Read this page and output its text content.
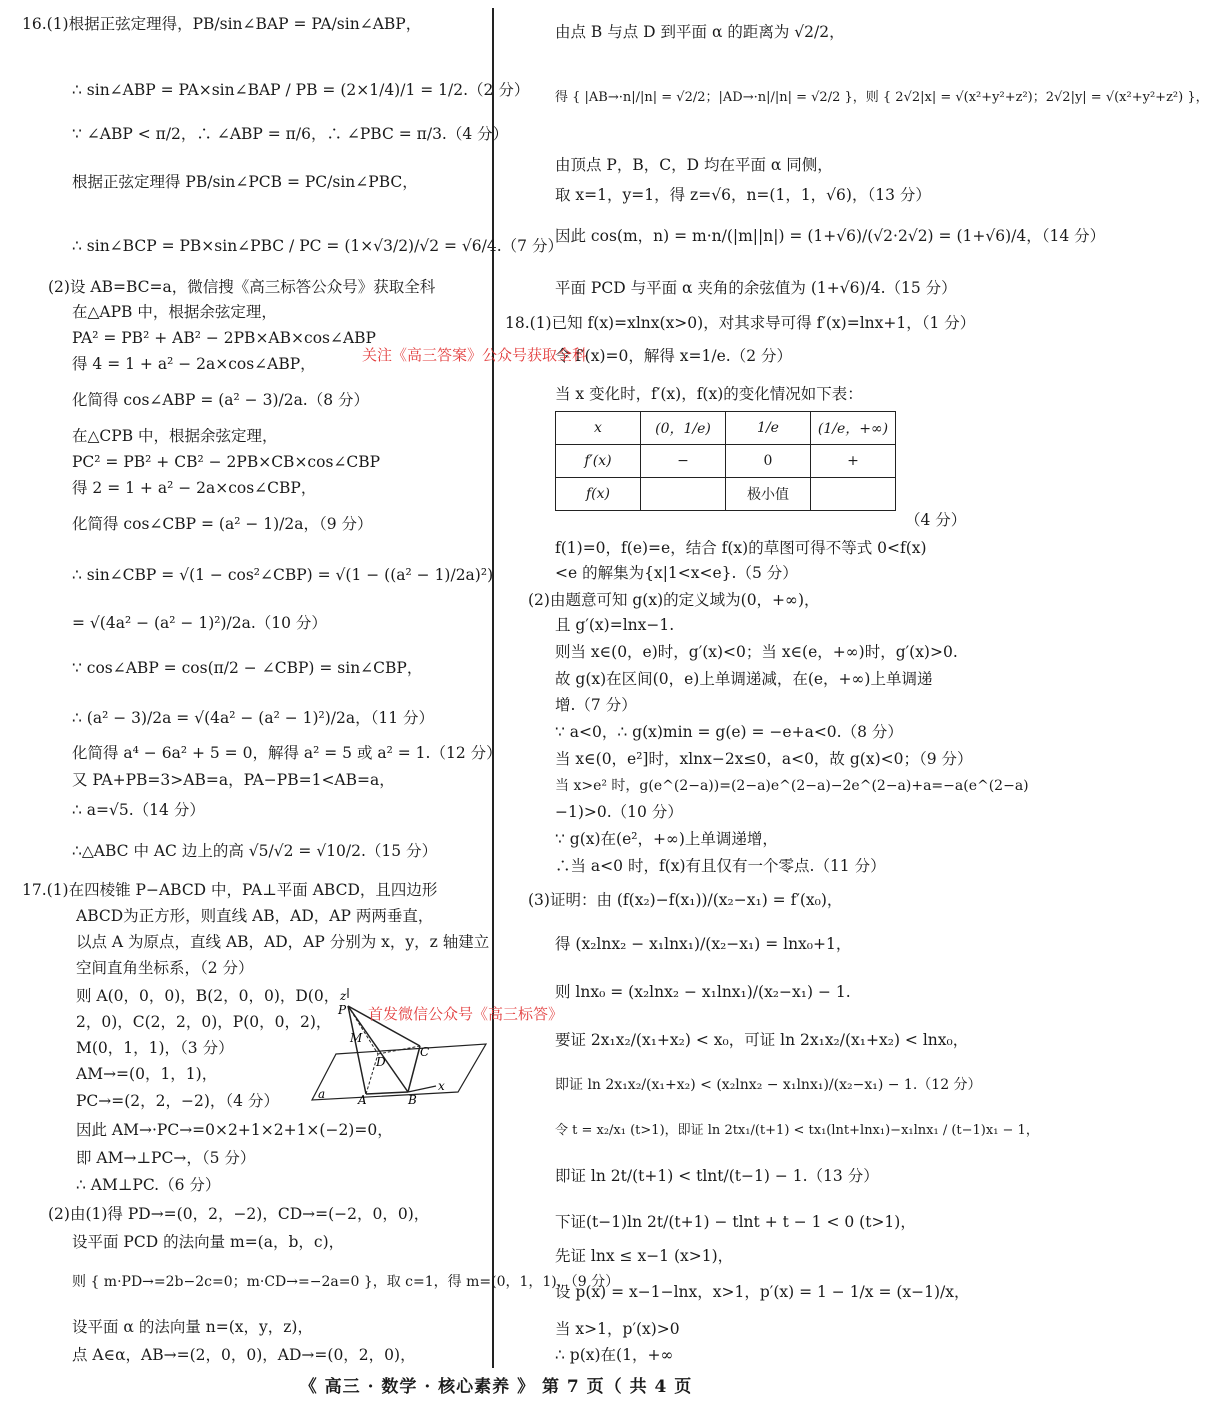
16.(1)根据正弦定理得，PB/sin∠BAP = PA/sin∠ABP，
∴ sin∠ABP = PA×sin∠BAP / PB = (2×1/4)/1 = 1/2.（2 分）
∵ ∠ABP < π/2，∴ ∠ABP = π/6，∴ ∠PBC = π/3.（4 分）
根据正弦定理得 PB/sin∠PCB = PC/sin∠PBC，
∴ sin∠BCP = PB×sin∠PBC / PC = (1×√3/2)/√2 = √6/4.（7 分）
(2)设 AB=BC=a，微信搜《高三标答公众号》获取全科
在△APB 中，根据余弦定理，
PA² = PB² + AB² − 2PB×AB×cos∠ABP
得 4 = 1 + a² − 2a×cos∠ABP，
化简得 cos∠ABP = (a² − 3)/2a.（8 分）
在△CPB 中，根据余弦定理，
PC² = PB² + CB² − 2PB×CB×cos∠CBP
得 2 = 1 + a² − 2a×cos∠CBP，
化简得 cos∠CBP = (a² − 1)/2a，（9 分）
∴ sin∠CBP = √(1 − cos²∠CBP) = √(1 − ((a² − 1)/2a)²)
= √(4a² − (a² − 1)²)/2a.（10 分）
∵ cos∠ABP = cos(π/2 − ∠CBP) = sin∠CBP，
∴ (a² − 3)/2a = √(4a² − (a² − 1)²)/2a，（11 分）
化简得 a⁴ − 6a² + 5 = 0，解得 a² = 5 或 a² = 1.（12 分）
又 PA+PB=3>AB=a，PA−PB=1<AB=a，
∴ a=√5.（14 分）
∴△ABC 中 AC 边上的高 √5/√2 = √10/2.（15 分）
17.(1)在四棱锥 P−ABCD 中，PA⊥平面 ABCD，且四边形
ABCD为正方形，则直线 AB，AD，AP 两两垂直，
以点 A 为原点，直线 AB，AD，AP 分别为 x，y，z 轴建立
空间直角坐标系，（2 分）
则 A(0，0，0)，B(2，0，0)，D(0，
2，0)，C(2，2，0)，P(0，0，2)，
M(0，1，1)，（3 分）
AM→=(0，1，1)，
PC→=(2，2，−2)，（4 分）
因此 AM→·PC→=0×2+1×2+1×(−2)=0，
即 AM→⊥PC→，（5 分）
∴ AM⊥PC.（6 分）
(2)由(1)得 PD→=(0，2，−2)，CD→=(−2，0，0)，
设平面 PCD 的法向量 m=(a，b，c)，
则 { m·PD→=2b−2c=0；m·CD→=−2a=0 }，取 c=1，得 m=(0，1，1)，（9 分）
设平面 α 的法向量 n=(x，y，z)，
点 A∈α，AB→=(2，0，0)，AD→=(0，2，0)，
z
P
M
D
C
x
a	A	B
由点 B 与点 D 到平面 α 的距离为 √2/2，
得 { |AB→·n|/|n| = √2/2；|AD→·n|/|n| = √2/2 }，则 { 2√2|x| = √(x²+y²+z²)；2√2|y| = √(x²+y²+z²) }，
由顶点 P，B，C，D 均在平面 α 同侧，
取 x=1，y=1，得 z=√6，n=(1，1，√6)，（13 分）
因此 cos(m，n) = m·n/(|m||n|) = (1+√6)/(√2·2√2) = (1+√6)/4，（14 分）
平面 PCD 与平面 α 夹角的余弦值为 (1+√6)/4.（15 分）
18.(1)已知 f(x)=xlnx(x>0)，对其求导可得 f′(x)=lnx+1，（1 分）
令 f′(x)=0，解得 x=1/e.（2 分）
当 x 变化时，f′(x)，f(x)的变化情况如下表：
（4 分）
f(1)=0，f(e)=e，结合 f(x)的草图可得不等式 0<f(x)
<e 的解集为{x|1<x<e}.（5 分）
(2)由题意可知 g(x)的定义域为(0，+∞)，
且 g′(x)=lnx−1.
则当 x∈(0，e)时，g′(x)<0；当 x∈(e，+∞)时，g′(x)>0.
故 g(x)在区间(0，e)上单调递减，在(e，+∞)上单调递
增.（7 分）
∵ a<0，∴ g(x)min = g(e) = −e+a<0.（8 分）
当 x∈(0，e²]时，xlnx−2x≤0，a<0，故 g(x)<0；（9 分）
当 x>e² 时，g(e^(2−a))=(2−a)e^(2−a)−2e^(2−a)+a=−a(e^(2−a)
−1)>0.（10 分）
∵ g(x)在(e²，+∞)上单调递增，
∴当 a<0 时，f(x)有且仅有一个零点.（11 分）
(3)证明：由 (f(x₂)−f(x₁))/(x₂−x₁) = f′(x₀)，
得 (x₂lnx₂ − x₁lnx₁)/(x₂−x₁) = lnx₀+1，
则 lnx₀ = (x₂lnx₂ − x₁lnx₁)/(x₂−x₁) − 1.
要证 2x₁x₂/(x₁+x₂) < x₀，可证 ln 2x₁x₂/(x₁+x₂) < lnx₀，
即证 ln 2x₁x₂/(x₁+x₂) < (x₂lnx₂ − x₁lnx₁)/(x₂−x₁) − 1.（12 分）
令 t = x₂/x₁ (t>1)，即证 ln 2tx₁/(t+1) < tx₁(lnt+lnx₁)−x₁lnx₁ / (t−1)x₁ − 1，
即证 ln 2t/(t+1) < tlnt/(t−1) − 1.（13 分）
下证(t−1)ln 2t/(t+1) − tlnt + t − 1 < 0 (t>1)，
先证 lnx ≤ x−1 (x>1)，
设 p(x) = x−1−lnx，x>1，p′(x) = 1 − 1/x = (x−1)/x，
当 x>1，p′(x)>0
∴ p(x)在(1，+∞
x	(0，1/e)	1/e	(1/e，+∞)
f′(x)	−	0	+
f(x)		极小值	
关注《高三答案》公众号获取全科
首发微信公众号《高三标答》
《 高三 · 数学 · 核心素养 》 第 7 页（ 共 4 页
